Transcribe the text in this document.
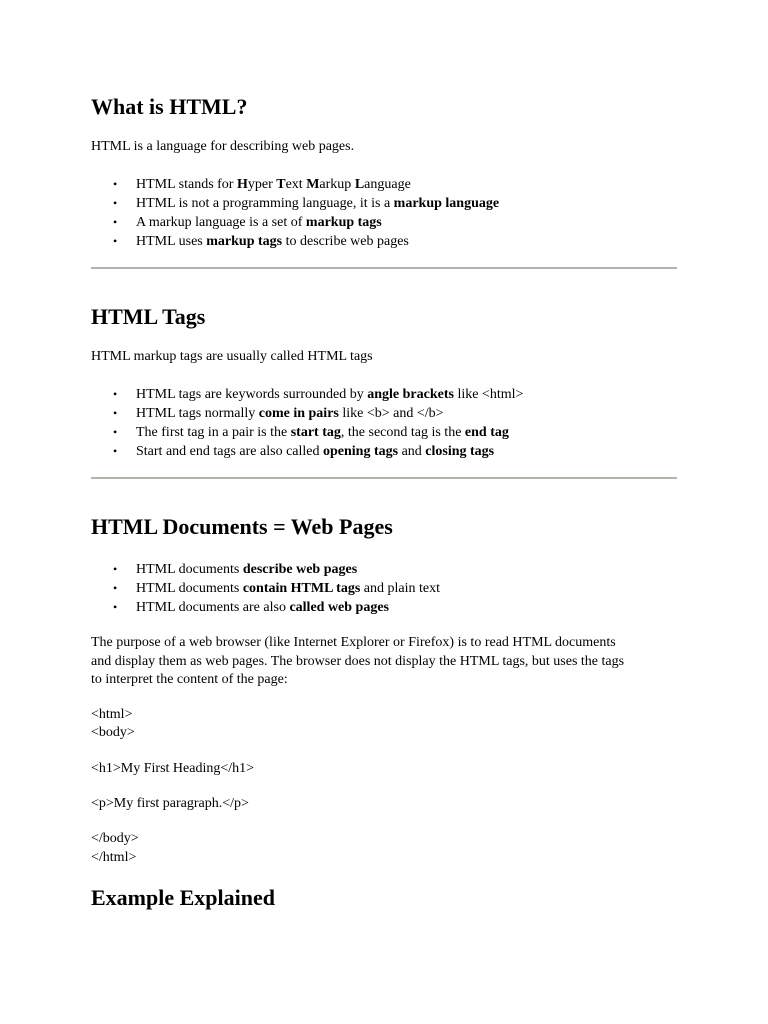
What is HTML?

HTML is a language for describing web pages.

• HTML stands for Hyper Text Markup Language
• HTML is not a programming language, it is a markup language
• A markup language is a set of markup tags
• HTML uses markup tags to describe web pages
HTML Tags

HTML markup tags are usually called HTML tags

• HTML tags are keywords surrounded by angle brackets like <html>
• HTML tags normally come in pairs like <b> and </b>
• The first tag in a pair is the start tag, the second tag is the end tag
• Start and end tags are also called opening tags and closing tags
HTML Documents = Web Pages
• HTML documents describe web pages
• HTML documents contain HTML tags and plain text
• HTML documents are also called web pages

The purpose of a web browser (like Internet Explorer or Firefox) is to read HTML documents
and display them as web pages. The browser does not display the HTML tags, but uses the tags
to interpret the content of the page:

<html>
<body>
<h1>My First Heading</h1>
<p>My first paragraph.</p>
</body>
</html>
Example Explained
